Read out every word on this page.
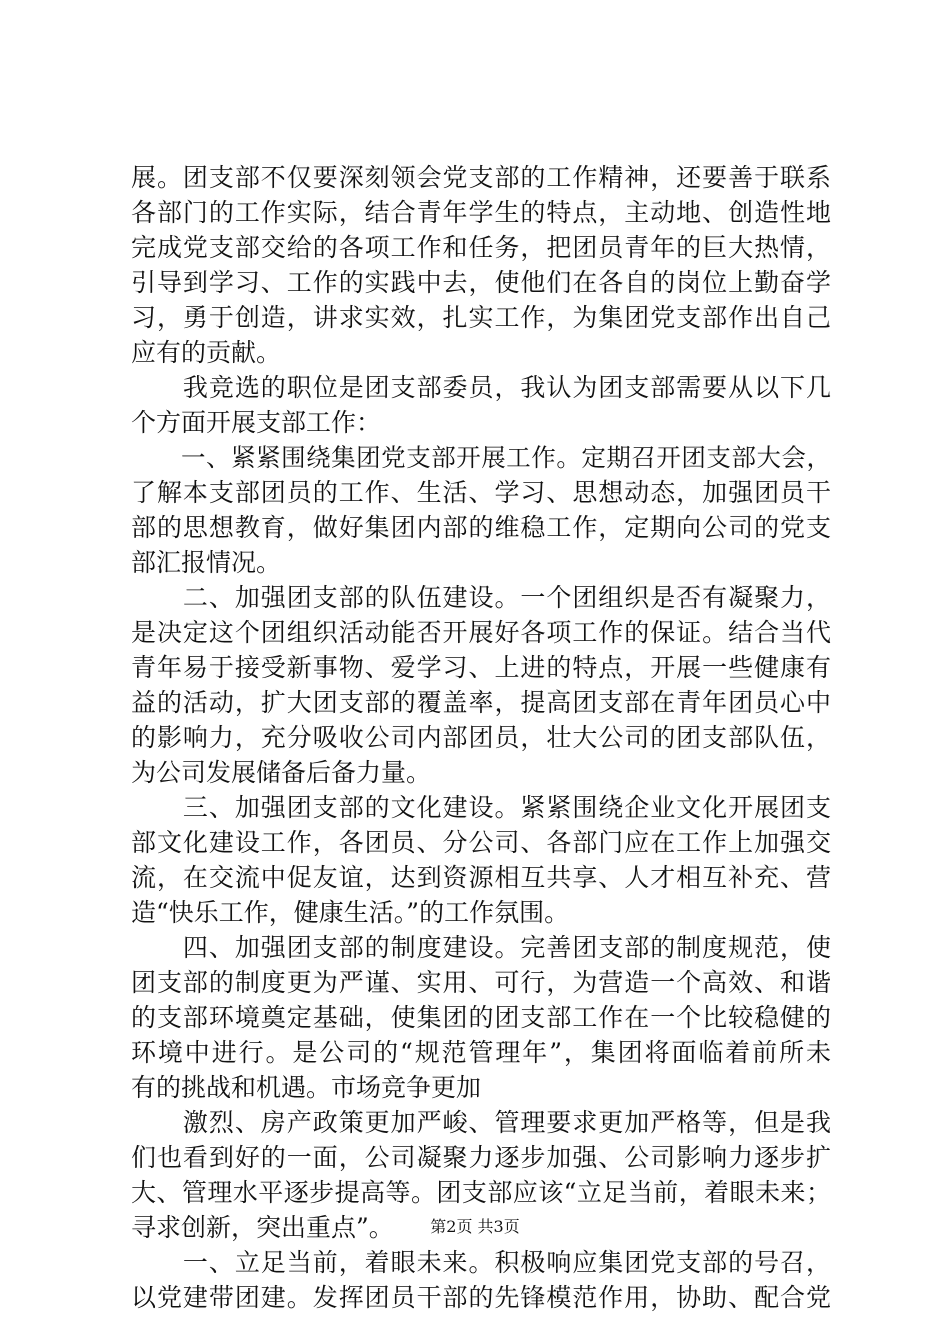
展。团支部不仅要深刻领会党支部的工作精神，还要善于联系
各部门的工作实际，结合青年学生的特点，主动地、创造性地
完成党支部交给的各项工作和任务，把团员青年的巨大热情，
引导到学习、工作的实践中去，使他们在各自的岗位上勤奋学
习，勇于创造，讲求实效，扎实工作，为集团党支部作出自己
应有的贡献。
　　我竞选的职位是团支部委员，我认为团支部需要从以下几
个方面开展支部工作：
　　一、紧紧围绕集团党支部开展工作。定期召开团支部大会，
了解本支部团员的工作、生活、学习、思想动态，加强团员干
部的思想教育，做好集团内部的维稳工作，定期向公司的党支
部汇报情况。
　　二、加强团支部的队伍建设。一个团组织是否有凝聚力，
是决定这个团组织活动能否开展好各项工作的保证。结合当代
青年易于接受新事物、爱学习、上进的特点，开展一些健康有
益的活动，扩大团支部的覆盖率，提高团支部在青年团员心中
的影响力，充分吸收公司内部团员，壮大公司的团支部队伍，
为公司发展储备后备力量。
　　三、加强团支部的文化建设。紧紧围绕企业文化开展团支
部文化建设工作，各团员、分公司、各部门应在工作上加强交
流，在交流中促友谊，达到资源相互共享、人才相互补充、营
造“快乐工作，健康生活。”的工作氛围。
　　四、加强团支部的制度建设。完善团支部的制度规范，使
团支部的制度更为严谨、实用、可行，为营造一个高效、和谐
的支部环境奠定基础，使集团的团支部工作在一个比较稳健的
环境中进行。是公司的“规范管理年”，集团将面临着前所未
有的挑战和机遇。市场竞争更加
　　激烈、房产政策更加严峻、管理要求更加严格等，但是我
们也看到好的一面，公司凝聚力逐步加强、公司影响力逐步扩
大、管理水平逐步提高等。团支部应该“立足当前，着眼未来；
寻求创新，突出重点”。
　　一、立足当前，着眼未来。积极响应集团党支部的号召，
以党建带团建。发挥团员干部的先锋模范作用，协助、配合党
第2页 共3页
